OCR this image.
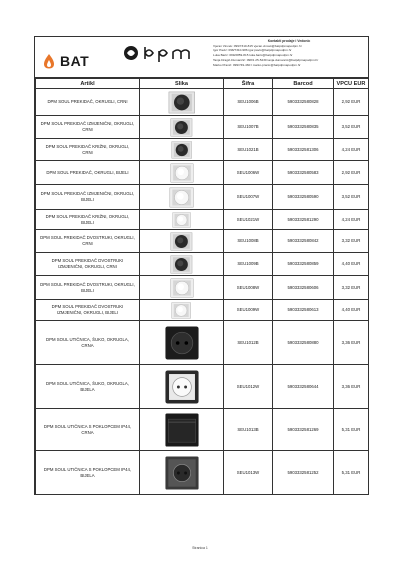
BAT
Kontakti prodaje i Vedonic
Vjeran Vincek: 099/7310-815 vjeran.vincek@batpdpmapodpm.hr
Igor Pavić: 098/7310-986 igor.pavic@batpdpmapodpm.hr
Luka Barić: 099/2859-815 luka.baric@batpdpmapodpm.hr
Tanja Dragić-Dumančić: 098/1 25-5230 tanja.dumancic@batpdpmapodpm.hr
Marko Pranić: 099/749-460 l marko.pranic@batpdpmapodpm.hr
Artikl	Slika	Šifra	Barcod	VPCU EUR
DPM SOUL PREKIDAČ, OKRUGLI, CRNI		SEU1006B	5903332580828	2,92 EUR
DPM SOUL PREKIDAČ IZMJENIČNI, OKRUGLI, CRNI		SEU1007B	5903332580835	3,52 EUR
DPM SOUL PREKIDAČ KRIŽNI, OKRUGLI, CRNI		SEU1021B	5903332581306	4,24 EUR
DPM SOUL PREKIDAČ, OKRUGLI, BIJELI		SEU1006W	5903332580583	2,92 EUR
DPM SOUL PREKIDAČ IZMJENIČNI, OKRUGLI, BIJELI		SEU1007W	5903332580590	3,52 EUR
DPM SOUL PREKIDAČ KRIŽNI, OKRUGLI, BIJELI		SEU1021W	5903332581290	4,24 EUR
DPM SOUL PREKIDAČ DVOSTRUKI, OKRUGLI, CRNI		SEU1008B	5903332580842	3,32 EUR
DPM SOUL PREKIDAČ DVOSTRUKI IZMJENIČNI, OKRUGLI, CRNI		SEU1009B	5903332580859	4,40 EUR
DPM SOUL PREKIDAČ DVOSTRUKI, OKRUGLI, BIJELI		SEU1008W	5903332580606	3,32 EUR
DPM SOUL PREKIDAČ DVOSTRUKI IZMJENIČNI, OKRUGLI, BIJELI		SEU1009W	5903332580613	4,40 EUR
DPM SOUL UTIČNICA, ŠUKO, OKRUGLA, CRNA		SEU1012B	5903332580880	3,36 EUR
DPM SOUL UTIČNICA, ŠUKO, OKRUGLA, BIJELA		SEU1012W	5903332580644	3,36 EUR
DPM SOUL UTIČNICA S POKLOPCEM IP44, CRNA		SEU1013B	5903332581269	5,31 EUR
DPM SOUL UTIČNICA S POKLOPCEM IP44, BIJELA		SEU1013W	5903332581252	5,31 EUR
Stranica 1
